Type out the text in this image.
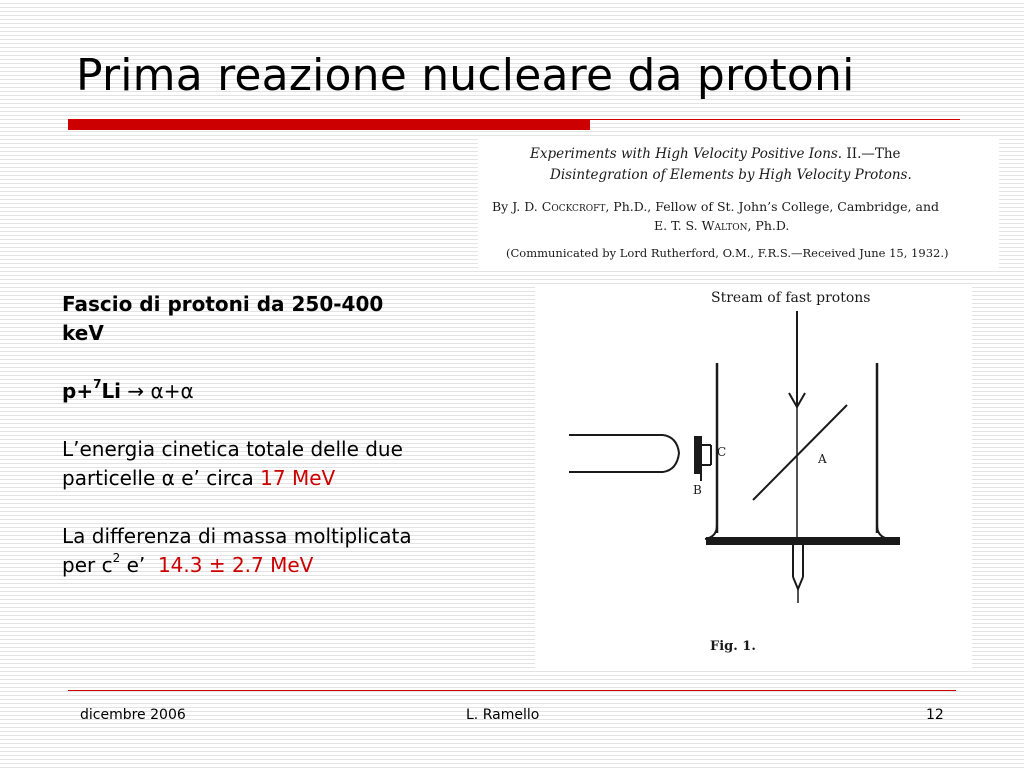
Prima reazione nucleare da protoni
Experiments with High Velocity Positive Ions. II.—The
Disintegration of Elements by High Velocity Protons.
By J. D. Cockcroft, Ph.D., Fellow of St. John’s College, Cambridge, and
E. T. S. Walton, Ph.D.
(Communicated by Lord Rutherford, O.M., F.R.S.—Received June 15, 1932.)
Stream of fast protons
C	A
B
Fig. 1.

Fascio di protoni da 250-400

keV

p+$^7$Li → α+α

L’energia cinetica totale delle due

particelle α e’ circa 17 MeV

La differenza di massa moltiplicata

per $c^2$ e’  14.3 ± 2.7 MeV

dicembre 2006	L. Ramello	12
